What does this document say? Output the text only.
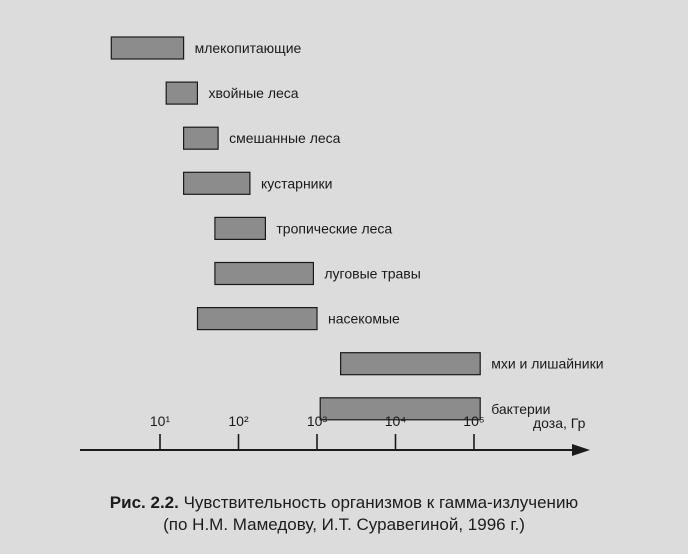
млекопитающие
хвойные леса
смешанные леса
кустарники
тропические леса
луговые травы
насекомые
мхи и лишайники
бактерии
10¹	10²	10³	10⁴	10⁵	доза, Гр
Рис. 2.2. Чувствительность организмов к гамма-излучению
(по Н.М. Мамедову, И.Т. Суравегиной, 1996 г.)
